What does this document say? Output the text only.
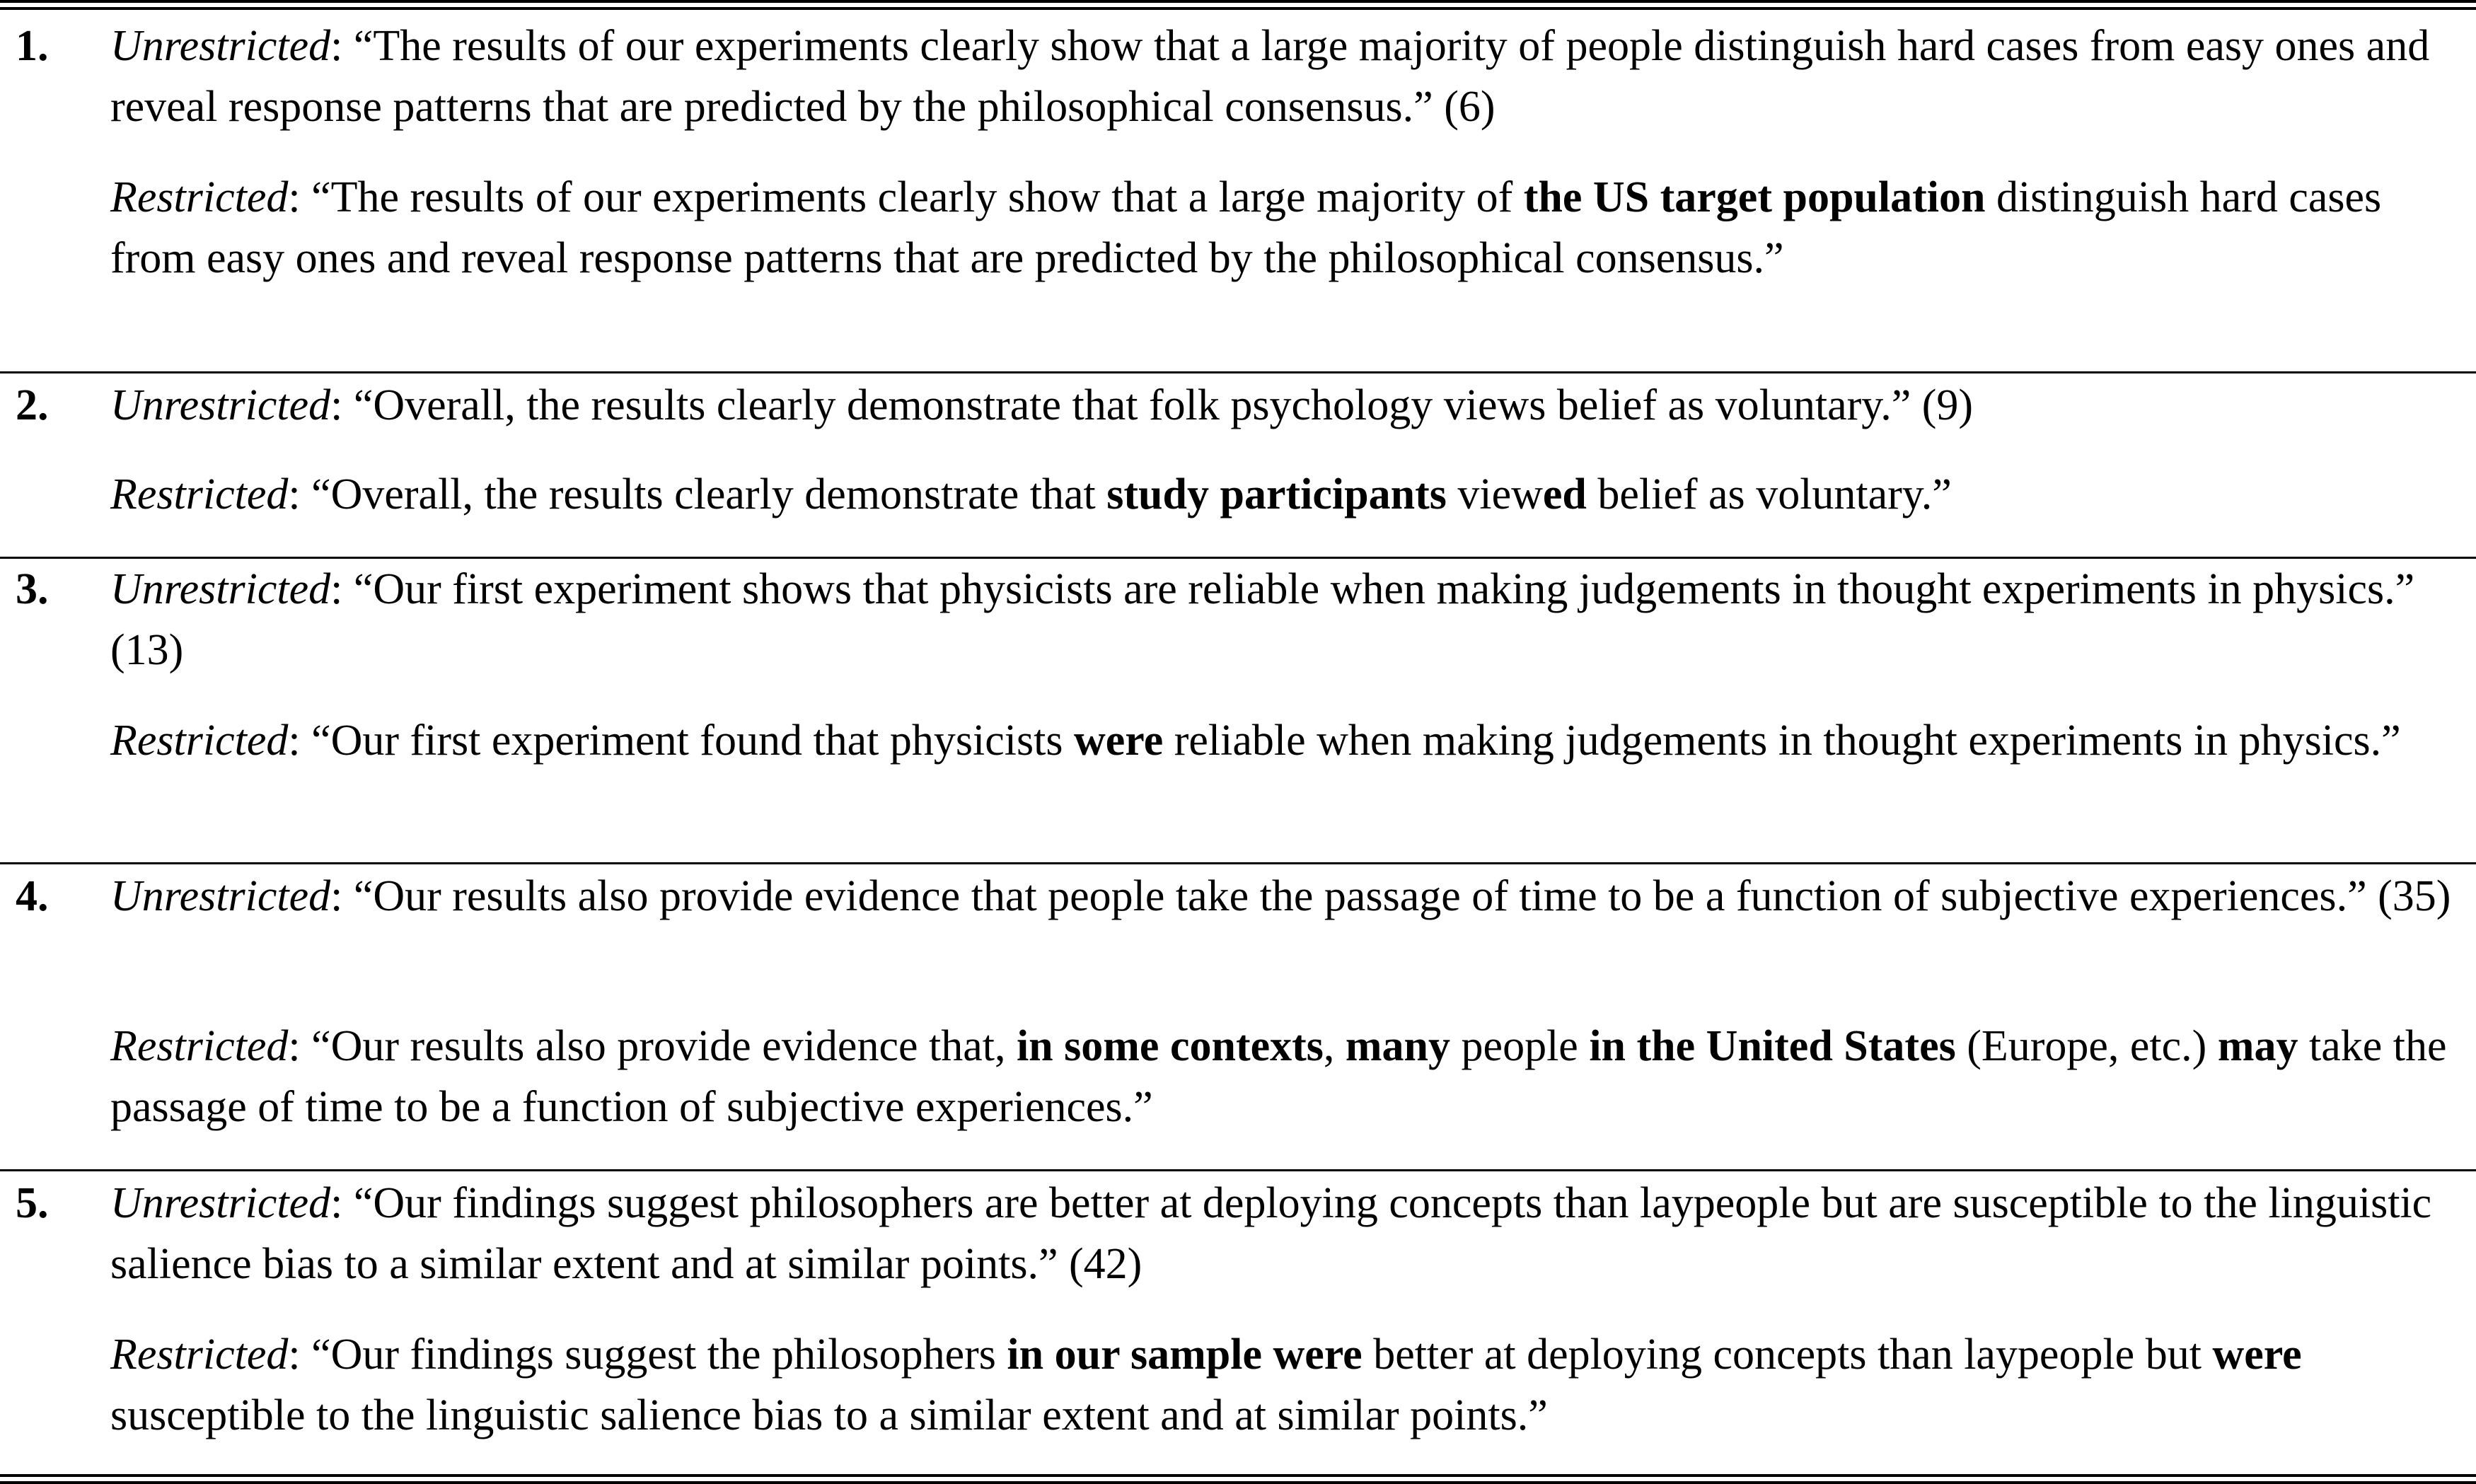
1. Unrestricted: “The results of our experiments clearly show that a large majority of people distinguish hard cases from easy ones and reveal response patterns that are predicted by the philosophical consensus.” (6)
Restricted: “The results of our experiments clearly show that a large majority of the US target population distinguish hard cases from easy ones and reveal response patterns that are predicted by the philosophical consensus.”
2. Unrestricted: “Overall, the results clearly demonstrate that folk psychology views belief as voluntary.” (9)
Restricted: “Overall, the results clearly demonstrate that study participants viewed belief as voluntary.”
3. Unrestricted: “Our first experiment shows that physicists are reliable when making judgements in thought experiments in physics.” (13)
Restricted: “Our first experiment found that physicists were reliable when making judgements in thought experiments in physics.”
4. Unrestricted: “Our results also provide evidence that people take the passage of time to be a function of subjective experiences.” (35)
Restricted: “Our results also provide evidence that, in some contexts, many people in the United States (Europe, etc.) may take the passage of time to be a function of subjective experiences.”
5. Unrestricted: “Our findings suggest philosophers are better at deploying concepts than laypeople but are susceptible to the linguistic salience bias to a similar extent and at similar points.” (42)
Restricted: “Our findings suggest the philosophers in our sample were better at deploying concepts than laypeople but were susceptible to the linguistic salience bias to a similar extent and at similar points.”
